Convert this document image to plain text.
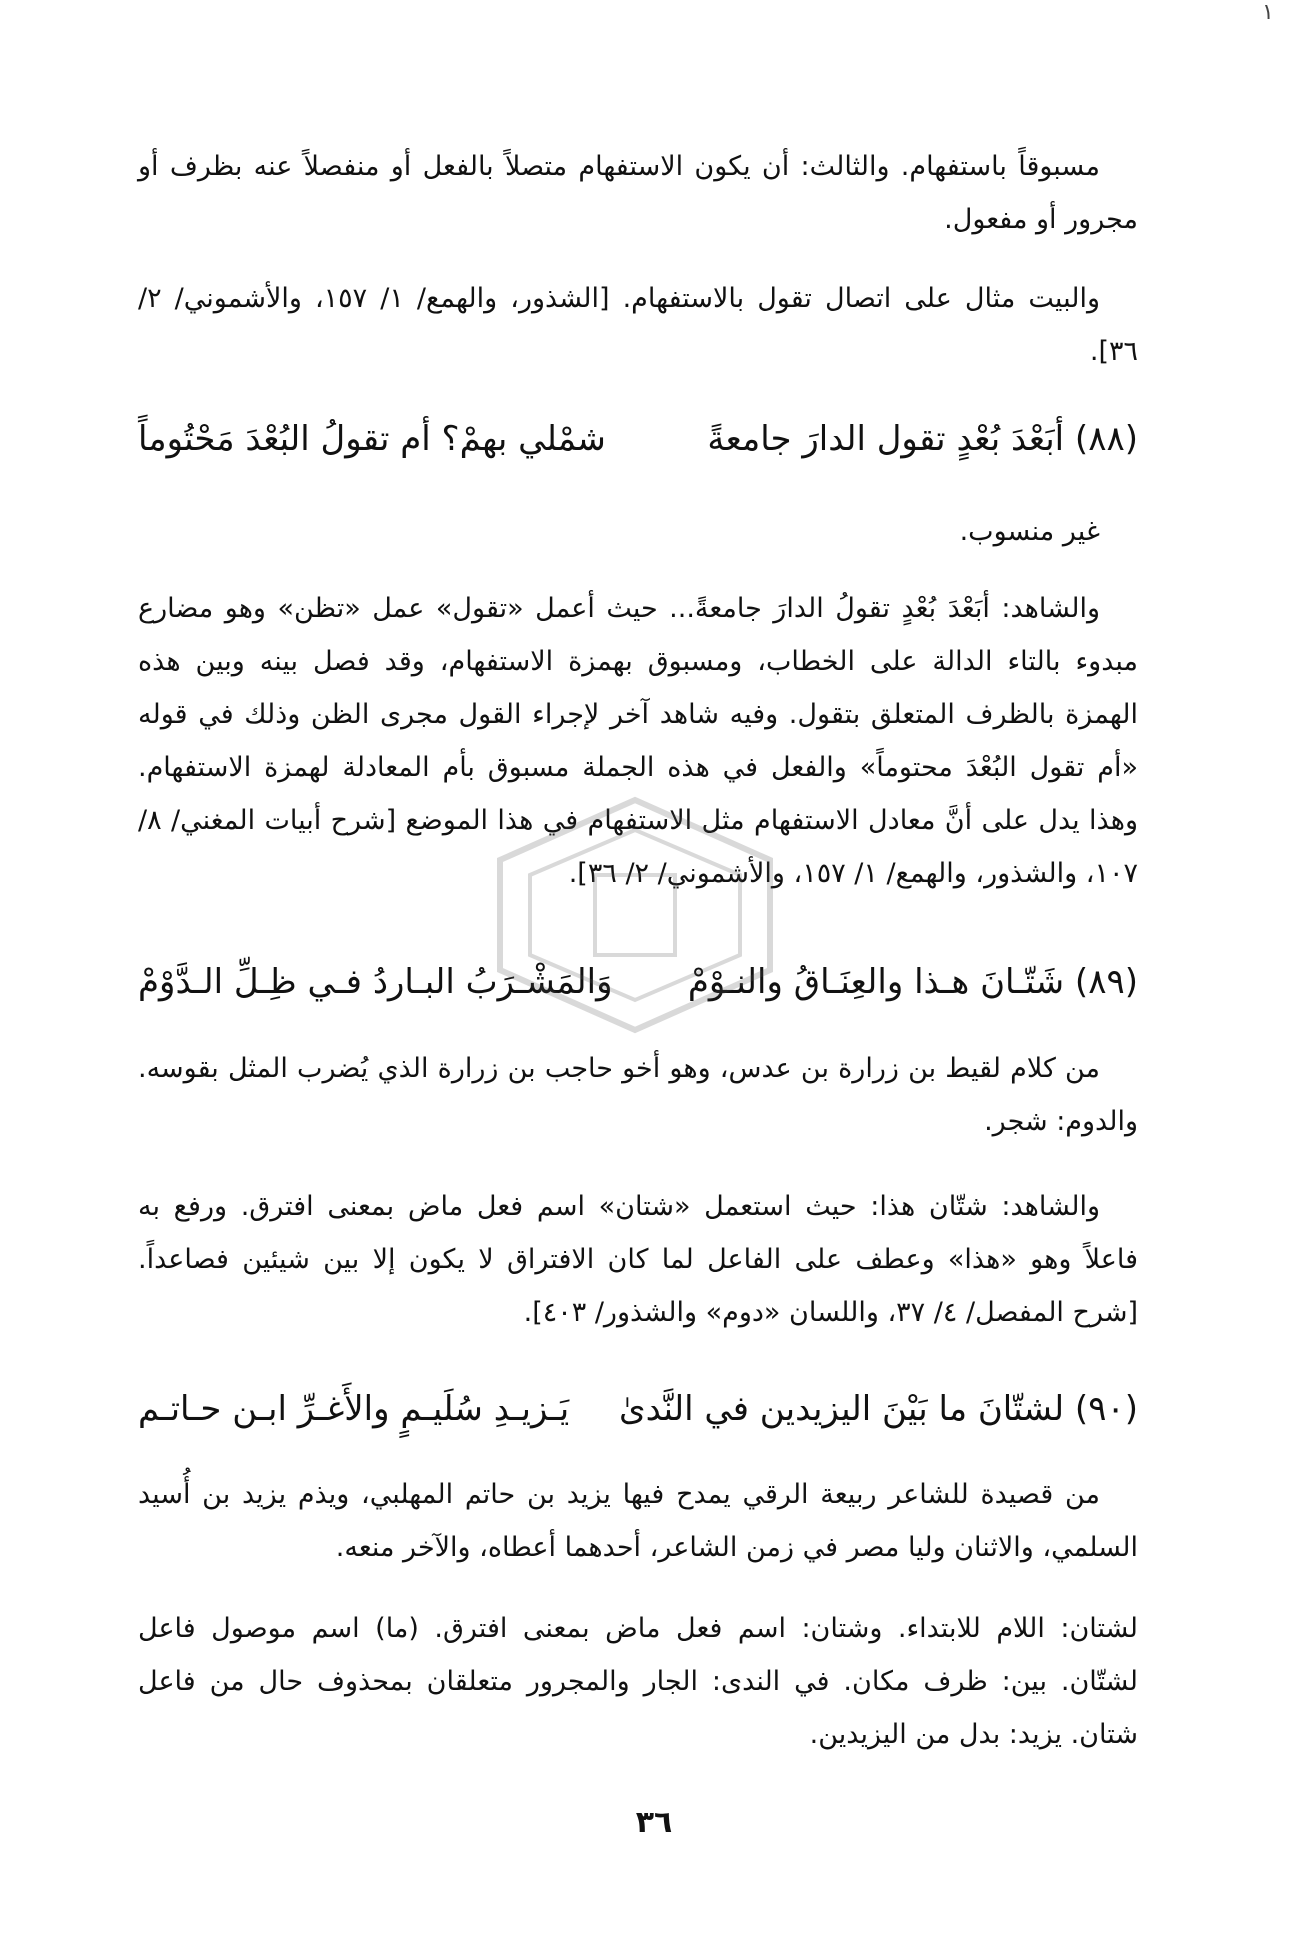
١
مسبوقاً باستفهام. والثالث: أن يكون الاستفهام متصلاً بالفعل أو منفصلاً عنه بظرف أو مجرور أو مفعول.
والبيت مثال على اتصال تقول بالاستفهام. [الشذور، والهمع/ ١/ ١٥٧، والأشموني/ ٢/ ٣٦].
(٨٨) أبَعْدَ بُعْدٍ تقول الدارَ جامعةً
شمْلي بهمْ؟ أم تقولُ البُعْدَ مَحْتُوماً
غير منسوب.
والشاهد: أبَعْدَ بُعْدٍ تقولُ الدارَ جامعةً... حيث أعمل «تقول» عمل «تظن» وهو مضارع مبدوء بالتاء الدالة على الخطاب، ومسبوق بهمزة الاستفهام، وقد فصل بينه وبين هذه الهمزة بالظرف المتعلق بتقول. وفيه شاهد آخر لإجراء القول مجرى الظن وذلك في قوله «أم تقول البُعْدَ محتوماً» والفعل في هذه الجملة مسبوق بأم المعادلة لهمزة الاستفهام. وهذا يدل على أنَّ معادل الاستفهام مثل الاستفهام في هذا الموضع [شرح أبيات المغني/ ٨/ ١٠٧، والشذور، والهمع/ ١/ ١٥٧، والأشموني/ ٢/ ٣٦].
(٨٩) شَتّـانَ هـذا والعِنَـاقُ والنـوْمْ
وَالمَشْـرَبُ البـاردُ فـي ظِـلِّ الـدَّوْمْ
من كلام لقيط بن زرارة بن عدس، وهو أخو حاجب بن زرارة الذي يُضرب المثل بقوسه. والدوم: شجر.
والشاهد: شتّان هذا: حيث استعمل «شتان» اسم فعل ماض بمعنى افترق. ورفع به فاعلاً وهو «هذا» وعطف على الفاعل لما كان الافتراق لا يكون إلا بين شيئين فصاعداً. [شرح المفصل/ ٤/ ٣٧، واللسان «دوم» والشذور/ ٤٠٣].
(٩٠) لشتّانَ ما بَيْنَ اليزيدين في النَّدىٰ
يَـزيـدِ سُلَيـمٍ والأَغـرِّ ابـن حـاتـم
من قصيدة للشاعر ربيعة الرقي يمدح فيها يزيد بن حاتم المهلبي، ويذم يزيد بن أُسيد السلمي، والاثنان وليا مصر في زمن الشاعر، أحدهما أعطاه، والآخر منعه.
لشتان: اللام للابتداء. وشتان: اسم فعل ماض بمعنى افترق. (ما) اسم موصول فاعل لشتّان. بين: ظرف مكان. في الندى: الجار والمجرور متعلقان بمحذوف حال من فاعل شتان. يزيد: بدل من اليزيدين.
٣٦
